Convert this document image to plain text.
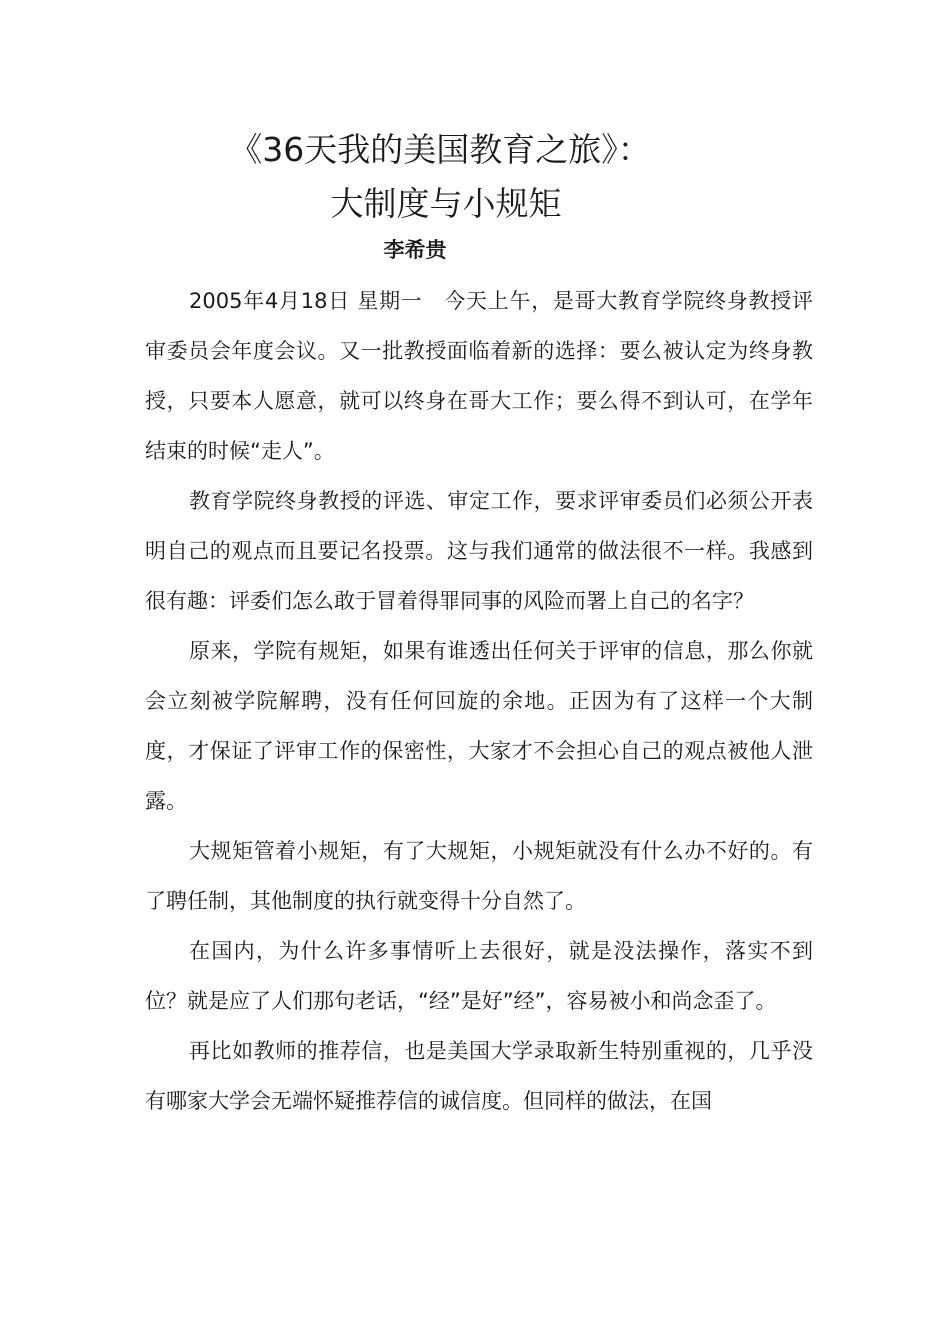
《36天我的美国教育之旅》：
大制度与小规矩
李希贵

2005年4月18日 星期一　今天上午，是哥大教育学院终身教授评审委员会年度会议。又一批教授面临着新的选择：要么被认定为终身教授，只要本人愿意，就可以终身在哥大工作；要么得不到认可，在学年结束的时候“走人”。

教育学院终身教授的评选、审定工作，要求评审委员们必须公开表明自己的观点而且要记名投票。这与我们通常的做法很不一样。我感到很有趣：评委们怎么敢于冒着得罪同事的风险而署上自己的名字？

原来，学院有规矩，如果有谁透出任何关于评审的信息，那么你就会立刻被学院解聘，没有任何回旋的余地。正因为有了这样一个大制度，才保证了评审工作的保密性，大家才不会担心自己的观点被他人泄露。

大规矩管着小规矩，有了大规矩，小规矩就没有什么办不好的。有了聘任制，其他制度的执行就变得十分自然了。

在国内，为什么许多事情听上去很好，就是没法操作，落实不到位？就是应了人们那句老话，“经”是好”经”，容易被小和尚念歪了。

再比如教师的推荐信，也是美国大学录取新生特别重视的，几乎没有哪家大学会无端怀疑推荐信的诚信度。但同样的做法，在国
